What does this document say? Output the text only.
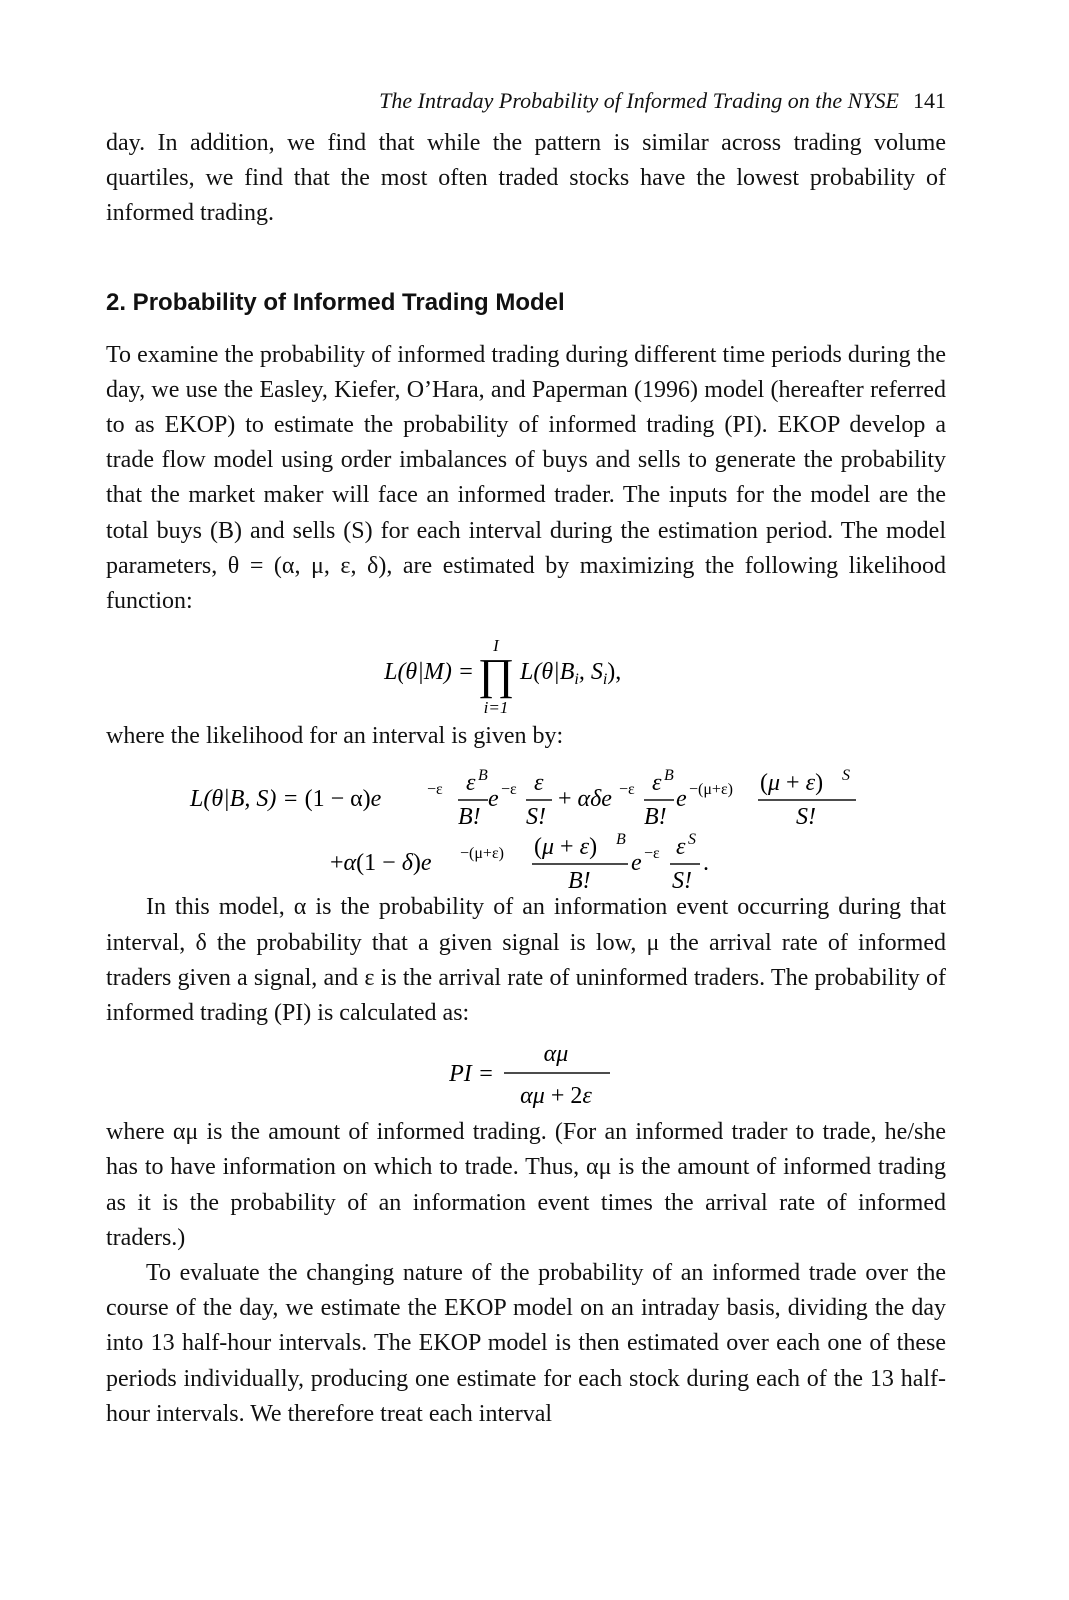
The Intraday Probability of Informed Trading on the NYSE 141

day. In addition, we find that while the pattern is similar across trading volume quartiles, we find that the most often traded stocks have the lowest probability of informed trading.

2. Probability of Informed Trading Model

To examine the probability of informed trading during different time periods during the day, we use the Easley, Kiefer, O’Hara, and Paperman (1996) model (hereafter referred to as EKOP) to estimate the probability of informed trading (PI). EKOP develop a trade flow model using order imbalances of buys and sells to generate the probability that the market maker will face an informed trader. The inputs for the model are the total buys (B) and sells (S) for each interval during the estimation period. The model parameters, θ = (α, μ, ε, δ), are estimated by maximizing the following likelihood function:

L(θ|M) =
I
∏
i=1
$L(\theta|B_i$, $S_i$),

where the likelihood for an interval is given by:

L(θ|B, S) = (1 − α)e	−ε ε B
B!
e −ε ε
S!
+ αδe −ε ε B
B!
e −(μ+ε) (μ + ε) S
S!
+α(1 − δ)e −(μ+ε) (μ + ε) B
B!
e −ε ε S
S!
.

In this model, α is the probability of an information event occurring during that interval, δ the probability that a given signal is low, μ the arrival rate of informed traders given a signal, and ε is the arrival rate of uninformed traders. The probability of informed trading (PI) is calculated as:

PI =
αμ
αμ + 2ε

where αμ is the amount of informed trading. (For an informed trader to trade, he/she has to have information on which to trade. Thus, αμ is the amount of informed trading as it is the probability of an information event times the arrival rate of informed traders.)

To evaluate the changing nature of the probability of an informed trade over the course of the day, we estimate the EKOP model on an intraday basis, dividing the day into 13 half-hour intervals. The EKOP model is then estimated over each one of these periods individually, producing one estimate for each stock during each of the 13 half-hour intervals. We therefore treat each interval
